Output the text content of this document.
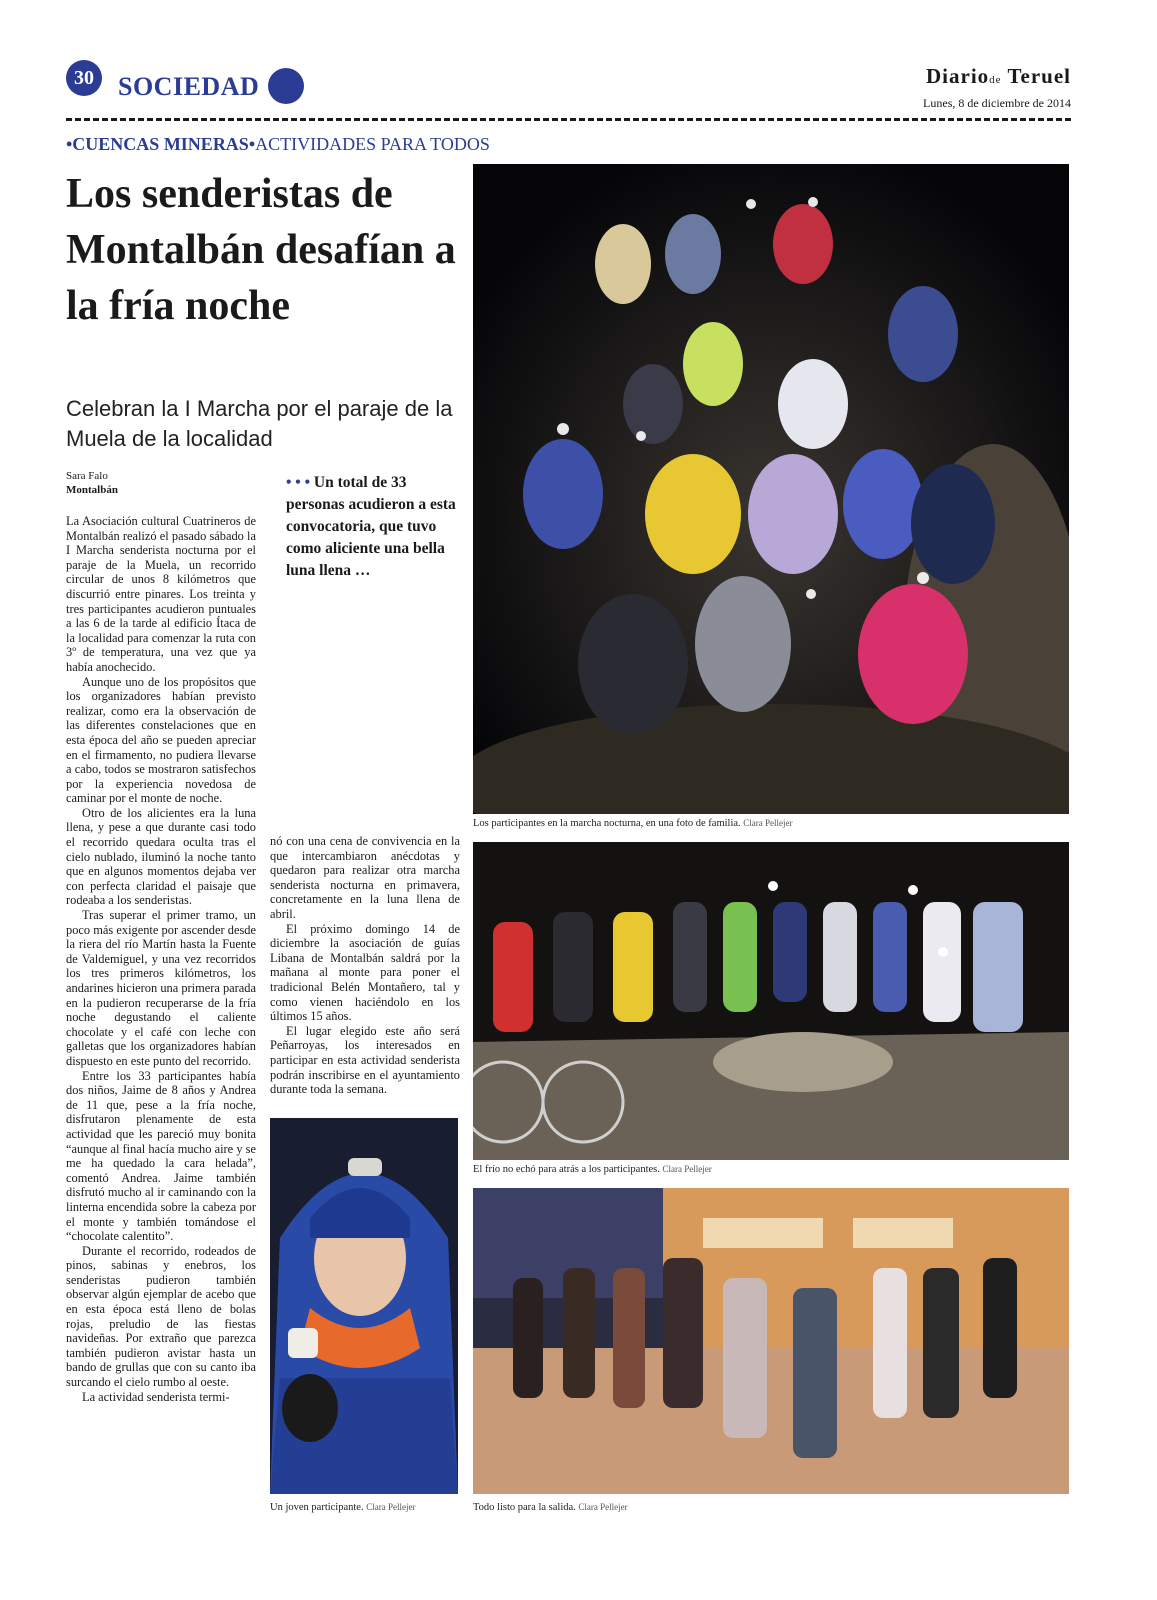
30 SOCIEDAD	Diariode Teruel
Lunes, 8 de diciembre de 2014
•CUENCAS MINERAS•ACTIVIDADES PARA TODOS
Los senderistas de Montalbán desafían a la fría noche
Celebran la I Marcha por el paraje de la Muela de la localidad
Sara Falo
Montalbán	• • • Un total de 33 personas acudieron a esta convocatoria, que tuvo como aliciente una bella luna llena …

La Asociación cultural Cuatrineros de Montalbán realizó el pasado sábado la I Marcha senderista nocturna por el paraje de la Muela, un recorrido circular de unos 8 kilómetros que discurrió entre pinares. Los treinta y tres participantes acudieron puntuales a las 6 de la tarde al edificio Ítaca de la localidad para comenzar la ruta con 3º de temperatura, una vez que ya había anochecido.

Aunque uno de los propósitos que los organizadores habían previsto realizar, como era la observación de las diferentes constelaciones que en esta época del año se pueden apreciar en el firmamento, no pudiera llevarse a cabo, todos se mostraron satisfechos por la experiencia novedosa de caminar por el monte de noche.

Otro de los alicientes era la luna llena, y pese a que durante casi todo el recorrido quedara oculta tras el cielo nublado, iluminó la noche tanto que en algunos momentos dejaba ver con perfecta claridad el paisaje que rodeaba a los senderistas.

Tras superar el primer tramo, un poco más exigente por ascender desde la riera del río Martín hasta la Fuente de Valdemiguel, y una vez recorridos los tres primeros kilómetros, los andarines hicieron una primera parada en la pudieron recuperarse de la fría noche degustando el caliente chocolate y el café con leche con galletas que los organizadores habían dispuesto en este punto del recorrido.

Entre los 33 participantes había dos niños, Jaime de 8 años y Andrea de 11 que, pese a la fría noche, disfrutaron plenamente de esta actividad que les pareció muy bonita “aunque al final hacía mucho aire y se me ha quedado la cara helada”, comentó Andrea. Jaime también disfrutó mucho al ir caminando con la linterna encendida sobre la cabeza por el monte y también tomándose el “chocolate calentito”.

Durante el recorrido, rodeados de pinos, sabinas y enebros, los senderistas pudieron también observar algún ejemplar de acebo que en esta época está lleno de bolas rojas, preludio de las fiestas navideñas. Por extraño que parezca también pudieron avistar hasta un bando de grullas que con su canto iba surcando el cielo rumbo al oeste.

La actividad senderista termi-

nó con una cena de convivencia en la que intercambiaron anécdotas y quedaron para realizar otra marcha senderista nocturna en primavera, concretamente en la luna llena de abril.

El próximo domingo 14 de diciembre la asociación de guías Libana de Montalbán saldrá por la mañana al monte para poner el tradicional Belén Montañero, tal y como vienen haciéndolo en los últimos 15 años.

El lugar elegido este año será Peñarroyas, los interesados en participar en esta actividad senderista podrán inscribirse en el ayuntamiento durante toda la semana.

Los participantes en la marcha nocturna, en una foto de familia. Clara Pellejer
El frío no echó para atrás a los participantes. Clara Pellejer
Un joven participante. Clara Pellejer	Todo listo para la salida. Clara Pellejer
